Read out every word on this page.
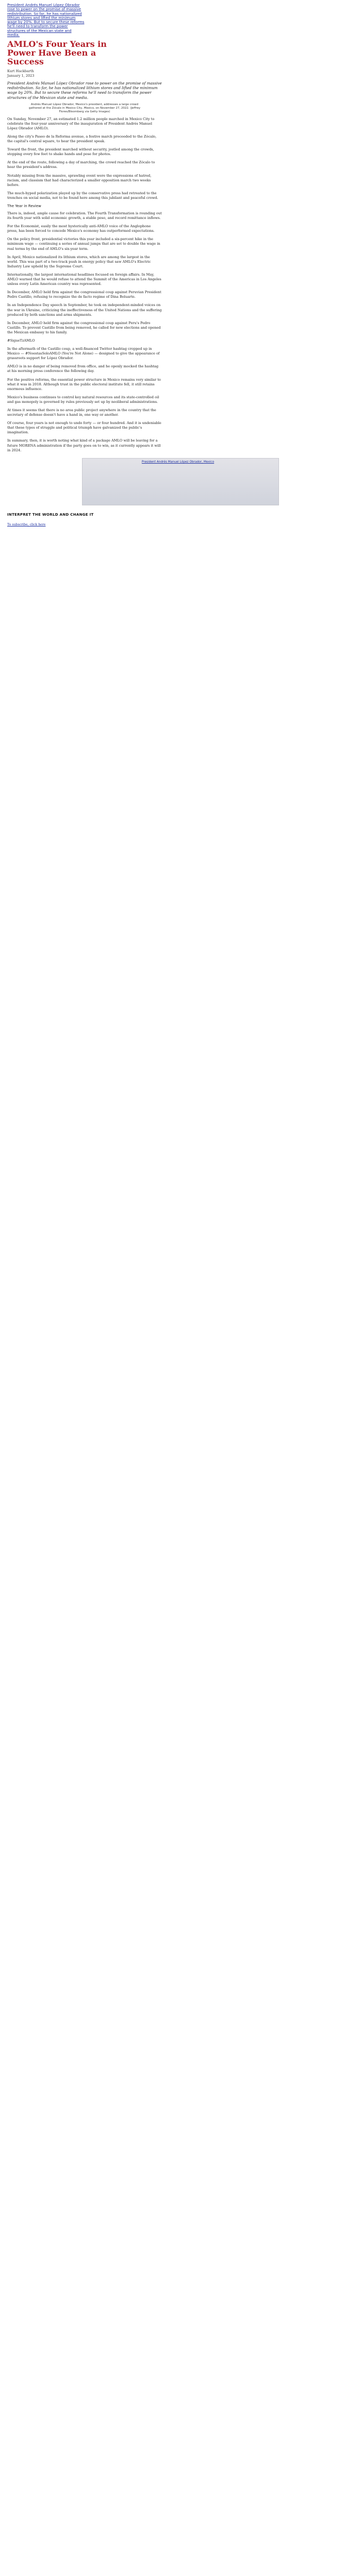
President Andrés Manuel López Obrador rose to power on the promise of massive redistribution. So far, he has nationalized lithium stores and lifted the minimum wage by 20%. But to secure these reforms he'll need to transform the power structures of the Mexican state and media.
AMLO's Four Years in Power Have Been a Success
Kurt Hackbarth
January 1, 2023
President Andrés Manuel López Obrador rose to power on the promise of massive redistribution. So far, he has nationalized lithium stores and lifted the minimum wage by 20%. But to secure these reforms he'll need to transform the power structures of the Mexican state and media.
Andrés Manuel López Obrador, Mexico's president, addresses a large crowd gathered at the Zócalo in Mexico City, Mexico, on November 27, 2022. (Jeffrey Flores/Bloomberg via Getty Images)

On Sunday, November 27, an estimated 1.2 million people marched in Mexico City to celebrate the four-year anniversary of the inauguration of President Andrés Manuel López Obrador (AMLO).

Along the city's Paseo de la Reforma avenue, a festive march proceeded to the Zócalo, the capital's central square, to hear the president speak.

Toward the front, the president marched without security, jostled among the crowds, stopping every few feet to shake hands and pose for photos.

At the end of the route, following a day of marching, the crowd reached the Zócalo to hear the president's address.

Notably missing from the massive, sprawling event were the expressions of hatred, racism, and classism that had characterized a smaller opposition march two weeks before.

The much-hyped polarization played up by the conservative press had retreated to the trenches on social media, not to be found here among this jubilant and peaceful crowd.

The Year in Review

There is, indeed, ample cause for celebration. The Fourth Transformation is rounding out its fourth year with solid economic growth, a stable peso, and record remittance inflows.

For the Economist, easily the most hysterically anti-AMLO voice of the Anglophone press, has been forced to concede Mexico's economy has outperformed expectations.

On the policy front, presidential victories this year included a six-percent hike in the minimum wage — continuing a series of annual jumps that are set to double the wage in real terms by the end of AMLO's six-year term.

In April, Mexico nationalized its lithium stores, which are among the largest in the world. This was part of a two-track push in energy policy that saw AMLO's Electric Industry Law upheld by the Supreme Court.

Internationally, the largest international headlines focused on foreign affairs. In May, AMLO warned that he would refuse to attend the Summit of the Americas in Los Angeles unless every Latin American country was represented.

In December, AMLO held firm against the congressional coup against Peruvian President Pedro Castillo, refusing to recognize the de facto regime of Dina Boluarte.

In an Independence Day speech in September, he took on independent-minded voices on the war in Ukraine, criticizing the ineffectiveness of the United Nations and the suffering produced by both sanctions and arms shipments.

In December, AMLO held firm against the congressional coup against Peru's Pedro Castillo. To prevent Castillo from being removed, he called for new elections and opened the Mexican embassy to his family.

#SigueTzAMLO

In the aftermath of the Castillo coup, a well-financed Twitter hashtag cropped up in Mexico — #NoestasSoloAMLO (You're Not Alone) — designed to give the appearance of grassroots support for López Obrador.

AMLO is in no danger of being removed from office, and he openly mocked the hashtag at his morning press conference the following day.

For the positive reforms, the essential power structure in Mexico remains very similar to what it was in 2018. Although trust in the public electoral institute fell, it still retains enormous influence.

Mexico's business continues to control key natural resources and its state-controlled oil and gas monopoly is governed by rules previously set up by neoliberal administrations.

At times it seems that there is no area public project anywhere in the country that the secretary of defense doesn't have a hand in, one way or another.

Of course, four years is not enough to undo forty — or four hundred. And it is undeniable that these types of struggle and political triumph have galvanized the public's imagination.

In summary, then, it is worth noting what kind of a package AMLO will be leaving for a future MORENA administration if the party goes on to win, as it currently appears it will in 2024.

President Andrés Manuel López Obrador, Mexico
INTERPRET THE WORLD AND CHANGE IT
To subscribe, click here
